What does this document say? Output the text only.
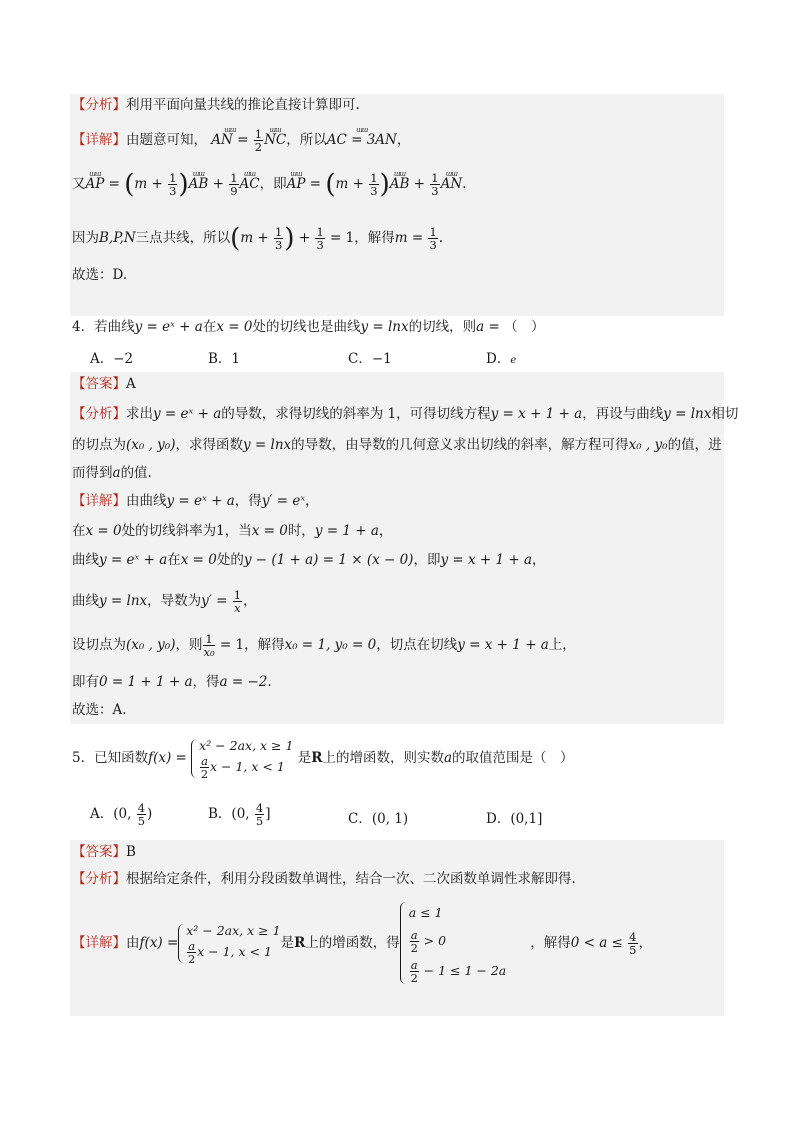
【分析】利用平面向量共线的推论直接计算即可.
【详解】由题意可知， ɯɯ AN = $\frac{1}{2}$ ɯɯ NC，所以ɯɯ AC = 3AN，
又ɯɯ AP = ($m + \frac{1}{3}$ )ɯɯ AB + $\frac{1}{9}$ ɯɯ AC，即ɯɯ AP = ($m + \frac{1}{3}$ )ɯɯ AB + $\frac{1}{3}$ ɯɯ AN.
因为B,P,N三点共线，所以($m + \frac{1}{3}$ ) + $\frac{1}{3} = 1$，解得$m = \frac{1}{3}$ .
故选：D.
4．若曲线y = eˣ + a在x = 0处的切线也是曲线y = lnx的切线，则a = （　）
A．−2	B．1	C．−1	D．e
【答案】A
【分析】求出y = eˣ + a的导数，求得切线的斜率为 1，可得切线方程y = x + 1 + a，再设与曲线y = lnx相切
的切点为(x₀ , y₀)，求得函数y = lnx的导数，由导数的几何意义求出切线的斜率，解方程可得x₀ , y₀的值，进
而得到a的值.
【详解】由曲线y = eˣ + a，得y′ = eˣ，
在x = 0处的切线斜率为1，当x = 0时，y = 1 + a，
曲线y = eˣ + a在x = 0处的y − (1 + a) = 1 × (x − 0)，即y = x + 1 + a，
曲线y = lnx，导数为$y' = \frac{1}{x}$ ，
设切点为(x₀ , y₀)，则 $\frac{1}{\text{x₀}} = 1$，解得x₀ = 1, y₀ = 0，切点在切线y = x + 1 + a上，
即有0 = 1 + 1 + a，得a = −2.
故选：A.
5．已知函数f(x) =
x² − 2ax, x ≥ 1
$\frac{a}{2}$ x − 1, x < 1
是R上的增函数，则实数a的取值范围是（　）
A．(0, $\frac{4}{5}$ )	B．(0, $\frac{4}{5}$ ]	C．(0, 1)	D．(0,1]
【答案】B
【分析】根据给定条件，利用分段函数单调性，结合一次、二次函数单调性求解即得.
【详解】由f(x) =
x² − 2ax, x ≥ 1
$\frac{a}{2}$ x − 1, x < 1 是R上的增函数，得
a ≤ 1
$\frac{a}{2} > 0$
$\frac{a}{2} - 1 \le 1 - 2a$
，解得$0 < a \le \frac{4}{5}$ ，
